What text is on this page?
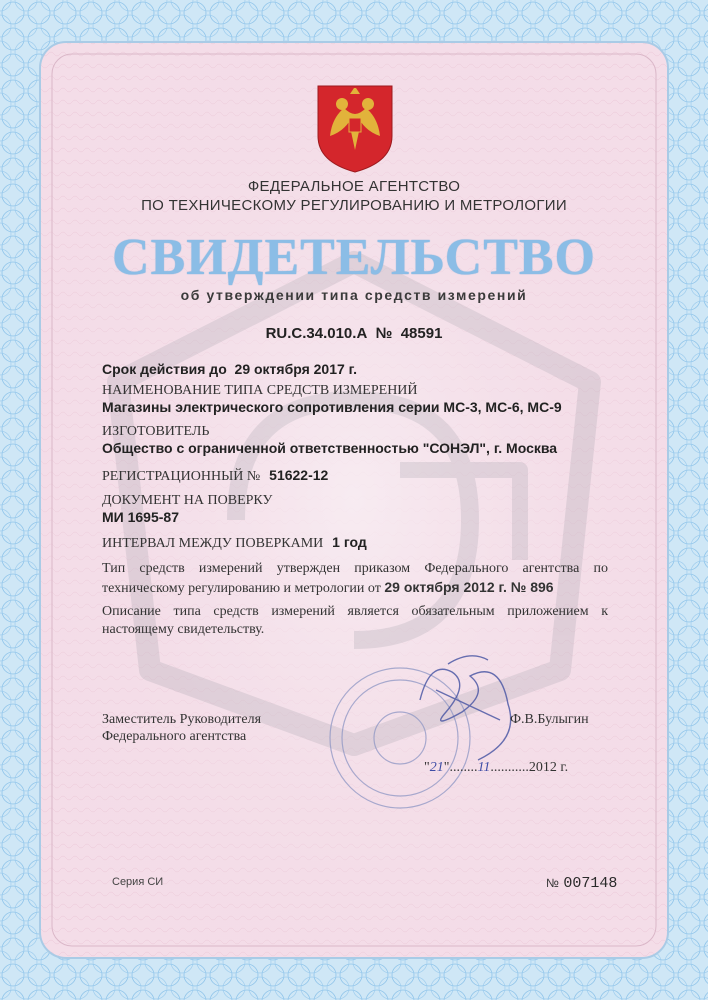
ФЕДЕРАЛЬНОЕ АГЕНТСТВО

ПО ТЕХНИЧЕСКОМУ РЕГУЛИРОВАНИЮ И МЕТРОЛОГИИ

СВИДЕТЕЛЬСТВО

об утверждении типа средств измерений

RU.C.34.010.A № 48591

Срок действия до 29 октября 2017 г.

НАИМЕНОВАНИЕ ТИПА СРЕДСТВ ИЗМЕРЕНИЙ

Магазины электрического сопротивления серии МС-3, МС-6, МС-9

ИЗГОТОВИТЕЛЬ

Общество с ограниченной ответственностью "СОНЭЛ", г. Москва

РЕГИСТРАЦИОННЫЙ № 51622-12

ДОКУМЕНТ НА ПОВЕРКУ

МИ 1695-87

ИНТЕРВАЛ МЕЖДУ ПОВЕРКАМИ 1 год

Тип средств измерений утвержден приказом Федерального агентства по техническому регулированию и метрологии от 29 октября 2012 г. № 896

Описание типа средств измерений является обязательным приложением к настоящему свидетельству.

Заместитель Руководителя

Федерального агентства

Ф.В.Булыгин

"21"........11...........2012 г.

Серия СИ	№ 007148
